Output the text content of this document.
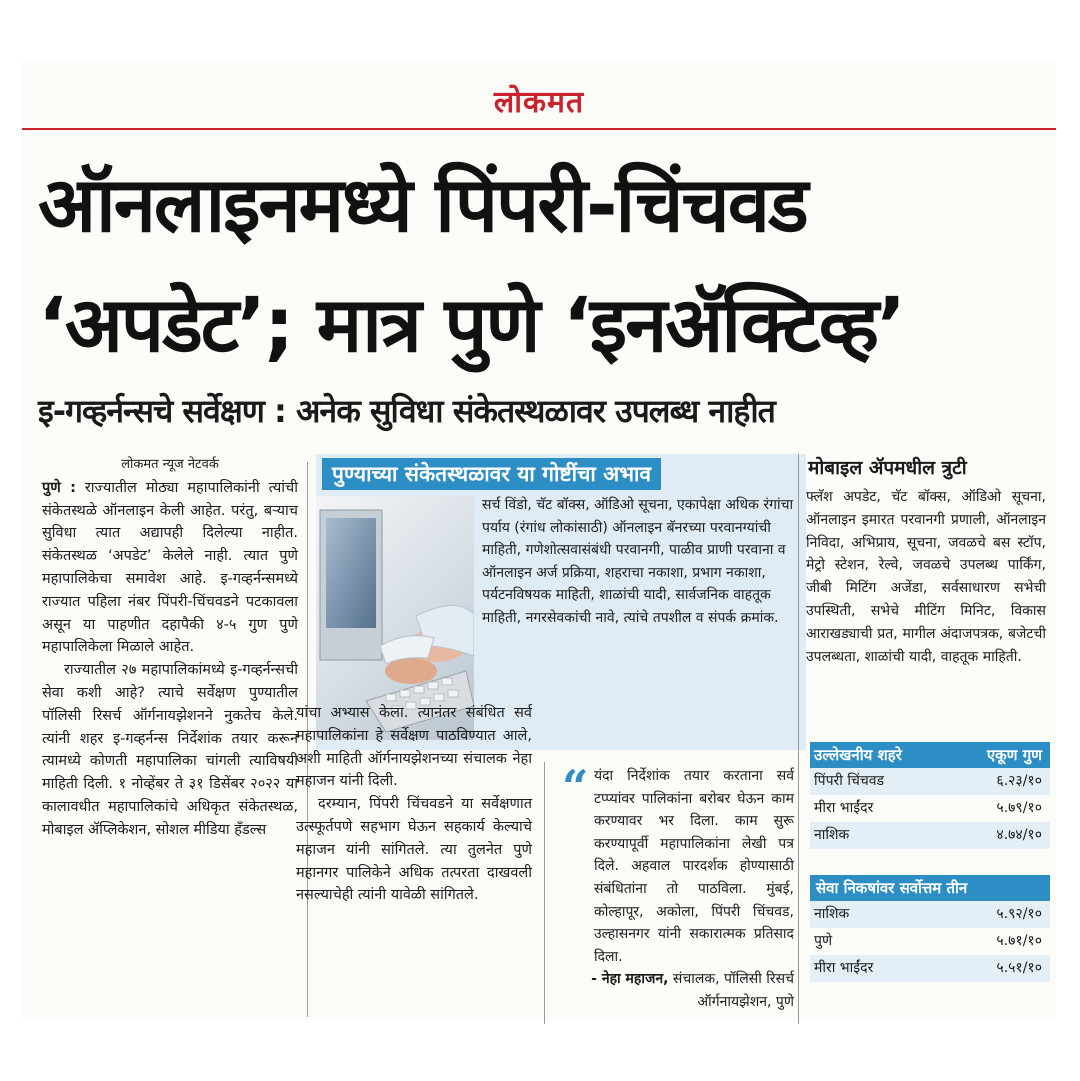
लोकमत
ऑनलाइनमध्ये पिंपरी-चिंचवड
‘अपडेट’; मात्र पुणे ‘इनॲक्टिव्ह’
इ-गव्हर्नन्सचे सर्वेक्षण : अनेक सुविधा संकेतस्थळावर उपलब्ध नाहीत

लोकमत न्यूज नेटवर्क

पुणे : राज्यातील मोठ्या महापालिकांनी त्यांची संकेतस्थळे ऑनलाइन केली आहेत. परंतु, बऱ्याच सुविधा त्यात अद्यापही दिलेल्या नाहीत. संकेतस्थळ ‘अपडेट’ केलेले नाही. त्यात पुणे महापालिकेचा समावेश आहे. इ-गव्हर्नन्समध्ये राज्यात पहिला नंबर पिंपरी-चिंचवडने पटकावला असून या पाहणीत दहापैकी ४-५ गुण पुणे महापालिकेला मिळाले आहेत.

राज्यातील २७ महापालिकांमध्ये इ-गव्हर्नन्सची सेवा कशी आहे? त्याचे सर्वेक्षण पुण्यातील पॉलिसी रिसर्च ऑर्गनायझेशनने नुकतेच केले. त्यांनी शहर इ-गव्हर्नन्स निर्देशांक तयार करून त्यामध्ये कोणती महापालिका चांगली त्याविषयी माहिती दिली. १ नोव्हेंबर ते ३१ डिसेंबर २०२२ या कालावधीत महापालिकांचे अधिकृत संकेतस्थळ, मोबाइल ॲप्लिकेशन, सोशल मीडिया हँडल्स

पुण्याच्या संकेतस्थळावर या गोष्टींचा अभाव
सर्च विंडो, चॅट बॉक्स, ऑडिओ सूचना, एकापेक्षा अधिक रंगांचा पर्याय (रंगांध लोकांसाठी) ऑनलाइन बॅनरच्या परवानग्यांची माहिती, गणेशोत्सवासंबंधी परवानगी, पाळीव प्राणी परवाना व ऑनलाइन अर्ज प्रक्रिया, शहराचा नकाशा, प्रभाग नकाशा, पर्यटनविषयक माहिती, शाळांची यादी, सार्वजनिक वाहतूक माहिती, नगरसेवकांची नावे, त्यांचे तपशील व संपर्क क्रमांक.

यांचा अभ्यास केला. त्यानंतर संबंधित सर्व महापालिकांना हे सर्वेक्षण पाठविण्यात आले, अशी माहिती ऑर्गनायझेशनच्या संचालक नेहा महाजन यांनी दिली.

दरम्यान, पिंपरी चिंचवडने या सर्वेक्षणात उत्स्फूर्तपणे सहभाग घेऊन सहकार्य केल्याचे महाजन यांनी सांगितले. त्या तुलनेत पुणे महानगर पालिकेने अधिक तत्परता दाखवली नसल्याचेही त्यांनी यावेळी सांगितले.

“ यंदा निर्देशांक तयार करताना सर्व टप्प्यांवर पालिकांना बरोबर घेऊन काम करण्यावर भर दिला. काम सुरू करण्यापूर्वी महापालिकांना लेखी पत्र दिले. अहवाल पारदर्शक होण्यासाठी संबंधितांना तो पाठविला. मुंबई, कोल्हापूर, अकोला, पिंपरी चिंचवड, उल्हासनगर यांनी सकारात्मक प्रतिसाद दिला.

- नेहा महाजन, संचालक, पॉलिसी रिसर्च ऑर्गनायझेशन, पुणे

मोबाइल ॲपमधील त्रुटी
फ्लॅश अपडेट, चॅट बॉक्स, ऑडिओ सूचना, ऑनलाइन इमारत परवानगी प्रणाली, ऑनलाइन निविदा, अभिप्राय, सूचना, जवळचे बस स्टॉप, मेट्रो स्टेशन, रेल्वे, जवळचे उपलब्ध पार्किंग, जीबी मिटिंग अजेंडा, सर्वसाधारण सभेची उपस्थिती, सभेचे मीटिंग मिनिट, विकास आराखड्याची प्रत, मागील अंदाजपत्रक, बजेटची उपलब्धता, शाळांची यादी, वाहतूक माहिती.
उल्लेखनीय शहरे	एकूण गुण
पिंपरी चिंचवड	६.२३/१०
मीरा भाईंदर	५.७९/१०
नाशिक	४.७४/१०
सेवा निकषांवर सर्वोत्तम तीन
नाशिक	५.९२/१०
पुणे	५.७१/१०
मीरा भाईंदर	५.५१/१०
